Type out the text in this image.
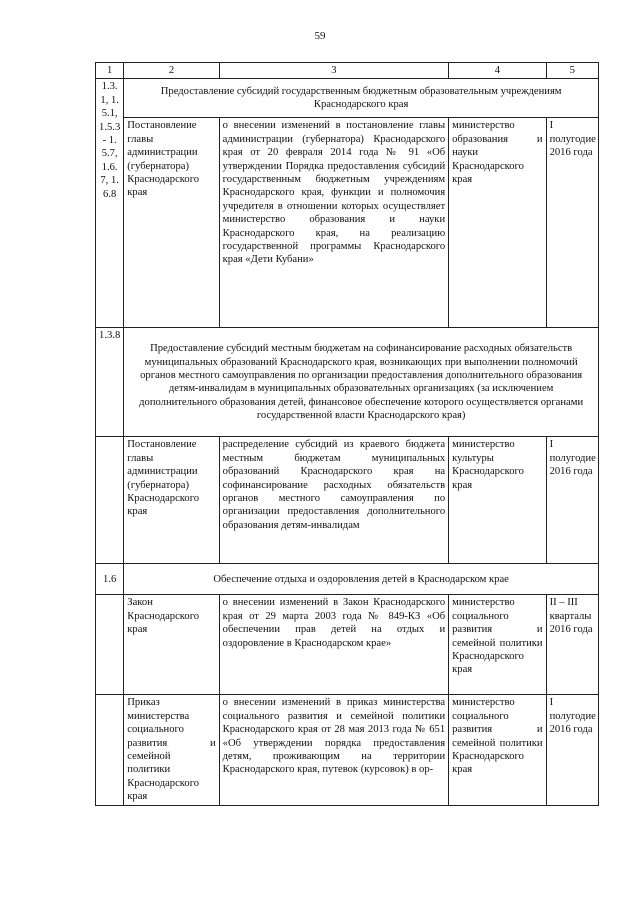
59
1	2	3	4	5
1.3.1, 1.5.1, 1.5.3- 1.5.7, 1.6.7, 1.6.8	Предоставление субсидий государственным бюджетным образовательным учреждениям Краснодарского края			
	Постановление главы администрации (губернатора) Краснодарского края	о внесении изменений в постановление главы администрации (губернатора) Краснодарского края от 20 февраля 2014 года № 91 «Об утверждении Порядка предоставления субсидий государственным бюджетным учреждениям Краснодарского края, функции и полномочия учредителя в отношении которых осуществляет министерство образования и науки Краснодарского края, на реализацию государственной программы Краснодарского края «Дети Кубани»	министерство образования и науки Краснодарского края	I полугодие 2016 года
1.3.8	Предоставление субсидий местным бюджетам на софинансирование расходных обязательств муниципальных образований Краснодарского края, возникающих при выполнении полномочий органов местного самоуправления по организации предоставления дополнительного образования детям-инвалидам в муниципальных образовательных организациях (за исключением дополнительного образования детей, финансовое обеспечение которого осуществляется органами государственной власти Краснодарского края)			
	Постановление главы администрации (губернатора) Краснодарского края	распределение субсидий из краевого бюджета местным бюджетам муниципальных образований Краснодарского края на софинансирование расходных обязательств органов местного самоуправления по организации предоставления дополнительного образования детям-инвалидам	министерство культуры Краснодарского края	I полугодие 2016 года
1.6	Обеспечение отдыха и оздоровления детей в Краснодарском крае			
	Закон Краснодарского края	о внесении изменений в Закон Краснодарского края от 29 марта 2003 года № 849-КЗ «Об обеспечении прав детей на отдых и оздоровление в Краснодарском крае»	министерство социального развития и семейной политики Краснодарского края	II – III кварталы 2016 года
	Приказ министерства социального развития и семейной политики Краснодарского края	о внесении изменений в приказ министерства социального развития и семейной политики Краснодарского края от 28 мая 2013 года № 651 «Об утверждении порядка предоставления детям, проживающим на территории Краснодарского края, путевок (курсовок) в ор-	министерство социального развития и семейной политики Краснодарского края	I полугодие 2016 года
